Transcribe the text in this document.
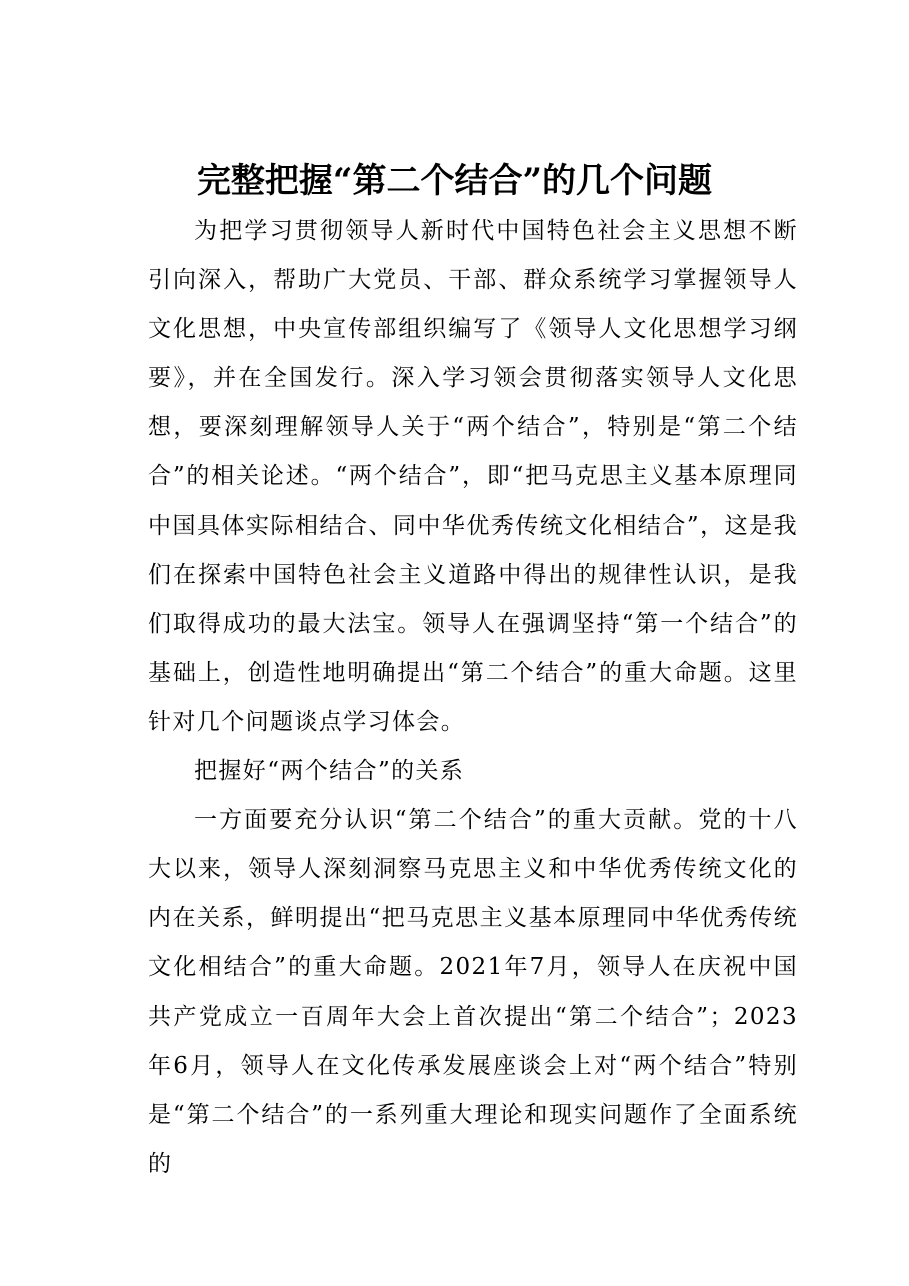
完整把握“第二个结合”的几个问题

为把学习贯彻领导人新时代中国特色社会主义思想不断引向深入，帮助广大党员、干部、群众系统学习掌握领导人文化思想，中央宣传部组织编写了《领导人文化思想学习纲要》，并在全国发行。深入学习领会贯彻落实领导人文化思想，要深刻理解领导人关于“两个结合”，特别是“第二个结合”的相关论述。“两个结合”，即“把马克思主义基本原理同中国具体实际相结合、同中华优秀传统文化相结合”，这是我们在探索中国特色社会主义道路中得出的规律性认识，是我们取得成功的最大法宝。领导人在强调坚持“第一个结合”的基础上，创造性地明确提出“第二个结合”的重大命题。这里针对几个问题谈点学习体会。

把握好“两个结合”的关系

一方面要充分认识“第二个结合”的重大贡献。党的十八大以来，领导人深刻洞察马克思主义和中华优秀传统文化的内在关系，鲜明提出“把马克思主义基本原理同中华优秀传统文化相结合”的重大命题。2021年7月，领导人在庆祝中国共产党成立一百周年大会上首次提出“第二个结合”；2023年6月，领导人在文化传承发展座谈会上对“两个结合”特别是“第二个结合”的一系列重大理论和现实问题作了全面系统的
